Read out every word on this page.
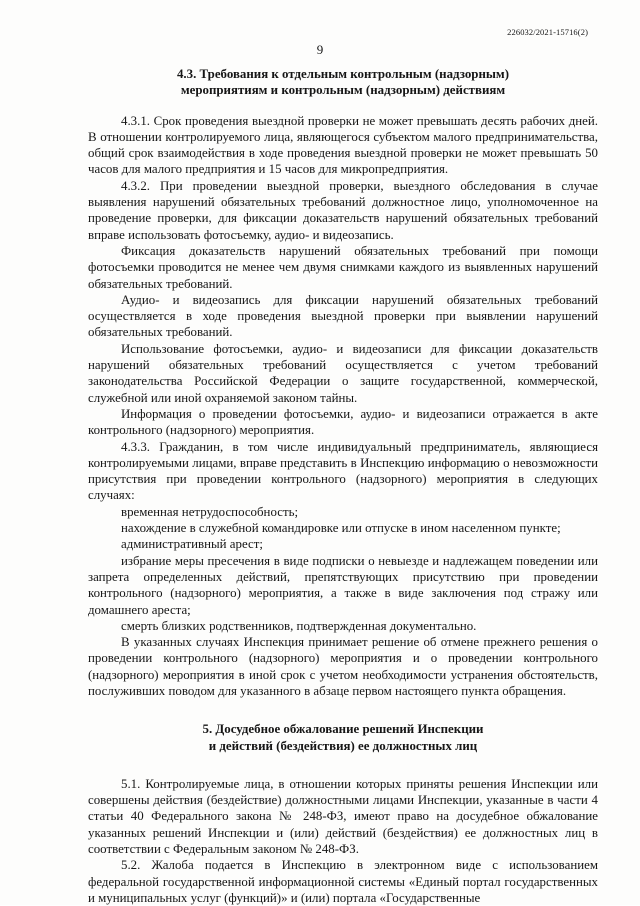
226032/2021-15716(2)
9
4.3. Требования к отдельным контрольным (надзорным)
мероприятиям и контрольным (надзорным) действиям

4.3.1. Срок проведения выездной проверки не может превышать десять рабочих дней. В отношении контролируемого лица, являющегося субъектом малого предпринимательства, общий срок взаимодействия в ходе проведения выездной проверки не может превышать 50 часов для малого предприятия и 15 часов для микропредприятия.

4.3.2. При проведении выездной проверки, выездного обследования в случае выявления нарушений обязательных требований должностное лицо, уполномоченное на проведение проверки, для фиксации доказательств нарушений обязательных требований вправе использовать фотосъемку, аудио- и видеозапись.

Фиксация доказательств нарушений обязательных требований при помощи фотосъемки проводится не менее чем двумя снимками каждого из выявленных нарушений обязательных требований.

Аудио- и видеозапись для фиксации нарушений обязательных требований осуществляется в ходе проведения выездной проверки при выявлении нарушений обязательных требований.

Использование фотосъемки, аудио- и видеозаписи для фиксации доказательств нарушений обязательных требований осуществляется с учетом требований законодательства Российской Федерации о защите государственной, коммерческой, служебной или иной охраняемой законом тайны.

Информация о проведении фотосъемки, аудио- и видеозаписи отражается в акте контрольного (надзорного) мероприятия.

4.3.3. Гражданин, в том числе индивидуальный предприниматель, являющиеся контролируемыми лицами, вправе представить в Инспекцию информацию о невозможности присутствия при проведении контрольного (надзорного) мероприятия в следующих случаях:

временная нетрудоспособность;

нахождение в служебной командировке или отпуске в ином населенном пункте;

административный арест;

избрание меры пресечения в виде подписки о невыезде и надлежащем поведении или запрета определенных действий, препятствующих присутствию при проведении контрольного (надзорного) мероприятия, а также в виде заключения под стражу или домашнего ареста;

смерть близких родственников, подтвержденная документально.

В указанных случаях Инспекция принимает решение об отмене прежнего решения о проведении контрольного (надзорного) мероприятия и о проведении контрольного (надзорного) мероприятия в иной срок с учетом необходимости устранения обстоятельств, послуживших поводом для указанного в абзаце первом настоящего пункта обращения.

5. Досудебное обжалование решений Инспекции
и действий (бездействия) ее должностных лиц

5.1. Контролируемые лица, в отношении которых приняты решения Инспекции или совершены действия (бездействие) должностными лицами Инспекции, указанные в части 4 статьи 40 Федерального закона № 248-ФЗ, имеют право на досудебное обжалование указанных решений Инспекции и (или) действий (бездействия) ее должностных лиц в соответствии с Федеральным законом № 248-ФЗ.

5.2. Жалоба подается в Инспекцию в электронном виде с использованием федеральной государственной информационной системы «Единый портал государственных и муниципальных услуг (функций)» и (или) портала «Государственные
